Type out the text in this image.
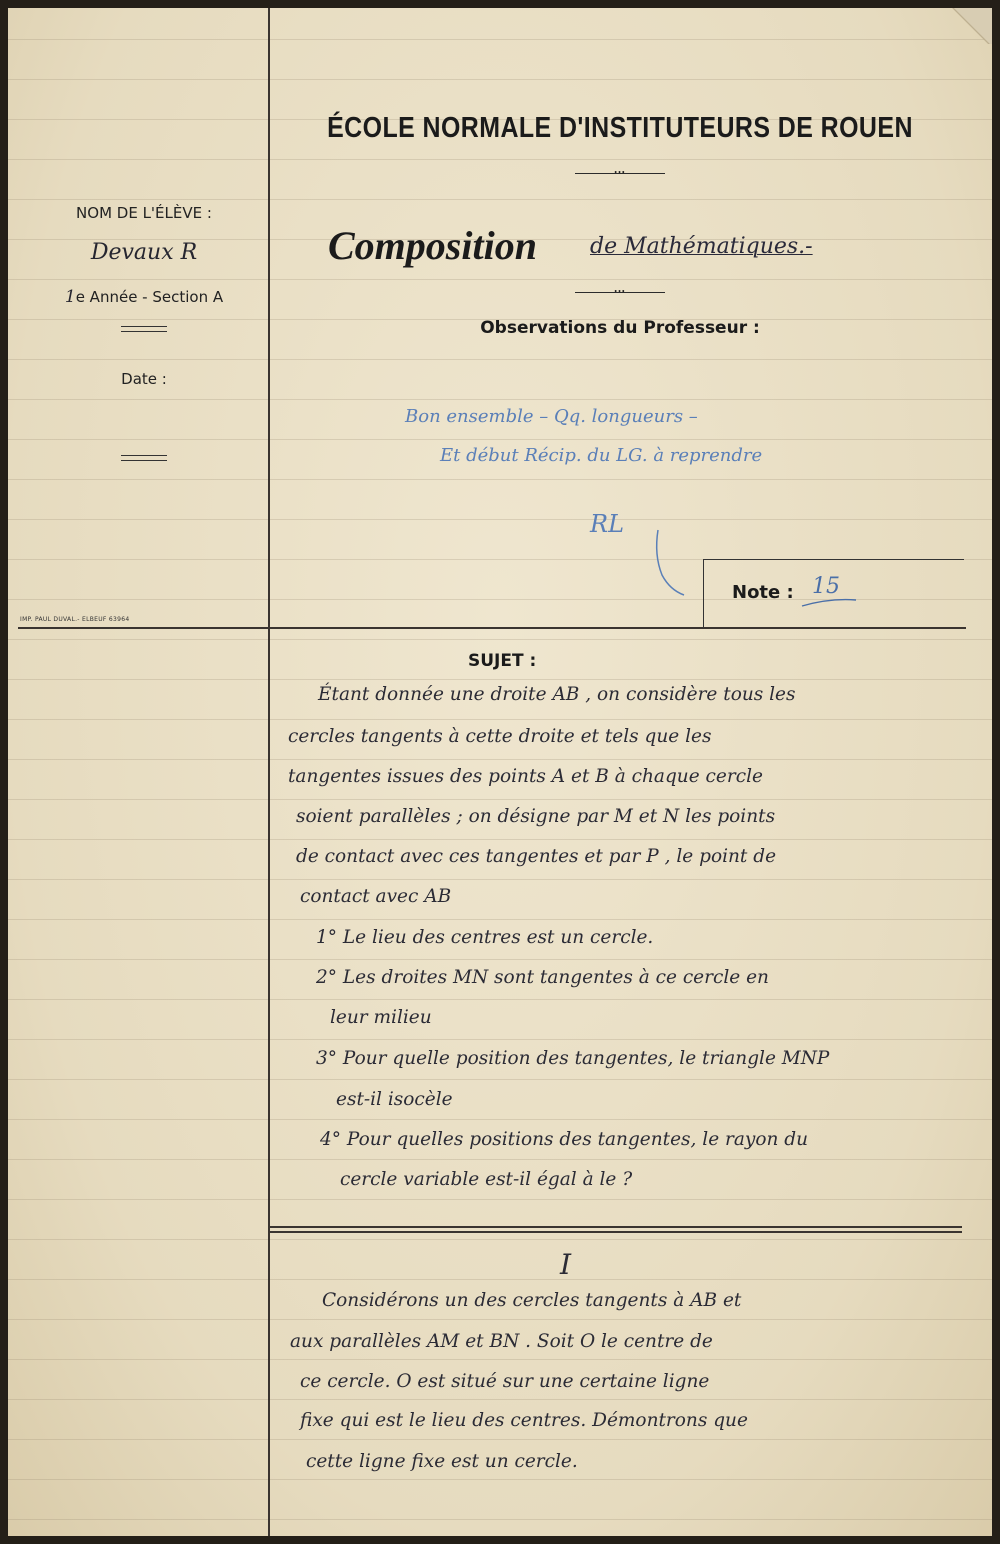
ÉCOLE NORMALE D'INSTITUTEURS DE ROUEN
•••
Composition de Mathématiques.-
•••
Observations du Professeur :
NOM DE L'ÉLÈVE :
Devaux R
1e Année - Section A
Date :
IMP. PAUL DUVAL.- ELBEUF 63964
Bon ensemble – Qq. longueurs –
Et début Récip. du LG. à reprendre
RL
Note : 15
SUJET :
Étant donnée une droite AB , on considère tous les
cercles tangents à cette droite et tels que les
tangentes issues des points A et B à chaque cercle
soient parallèles ; on désigne par M et N les points
de contact avec ces tangentes et par P , le point de
contact avec AB
1° Le lieu des centres est un cercle.
2° Les droites MN sont tangentes à ce cercle en
leur milieu
3° Pour quelle position des tangentes, le triangle MNP
est-il isocèle
4° Pour quelles positions des tangentes, le rayon du
cercle variable est-il égal à le ?
I
Considérons un des cercles tangents à AB et
aux parallèles AM et BN . Soit O le centre de
ce cercle. O est situé sur une certaine ligne
fixe qui est le lieu des centres. Démontrons que
cette ligne fixe est un cercle.
